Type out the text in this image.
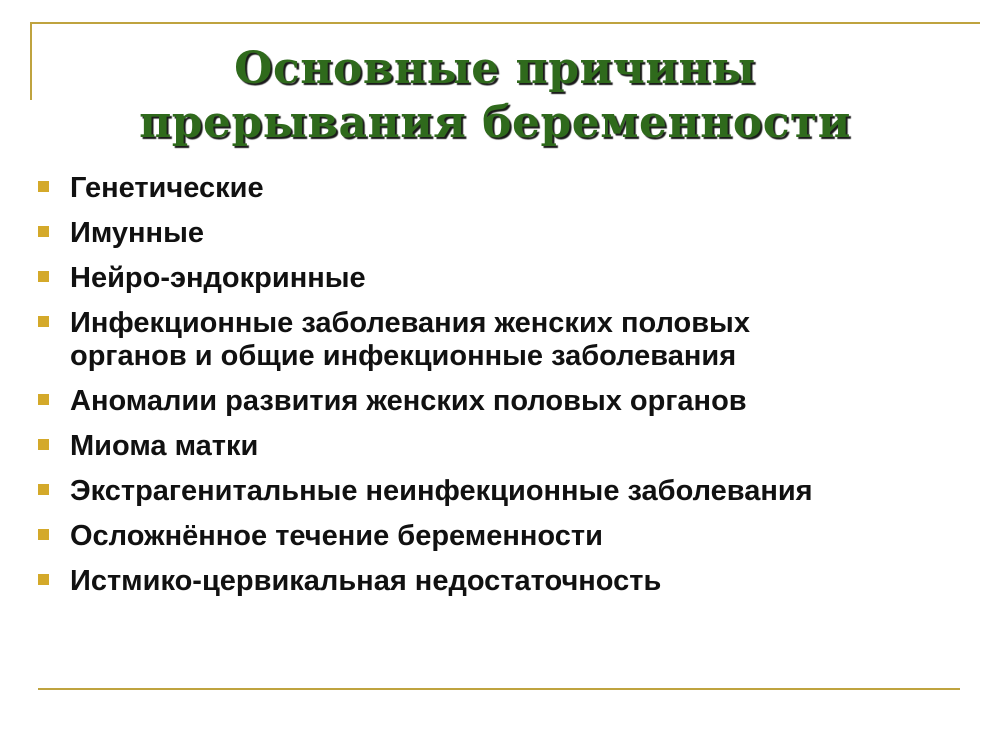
Основные причины
прерывания беременности
Генетические
Имунные
Нейро-эндокринные
Инфекционные заболевания женских половых органов и общие инфекционные заболевания
Аномалии развития женских половых органов
Миома матки
Экстрагенитальные неинфекционные заболевания
Осложнённое течение беременности
Истмико-цервикальная недостаточность
